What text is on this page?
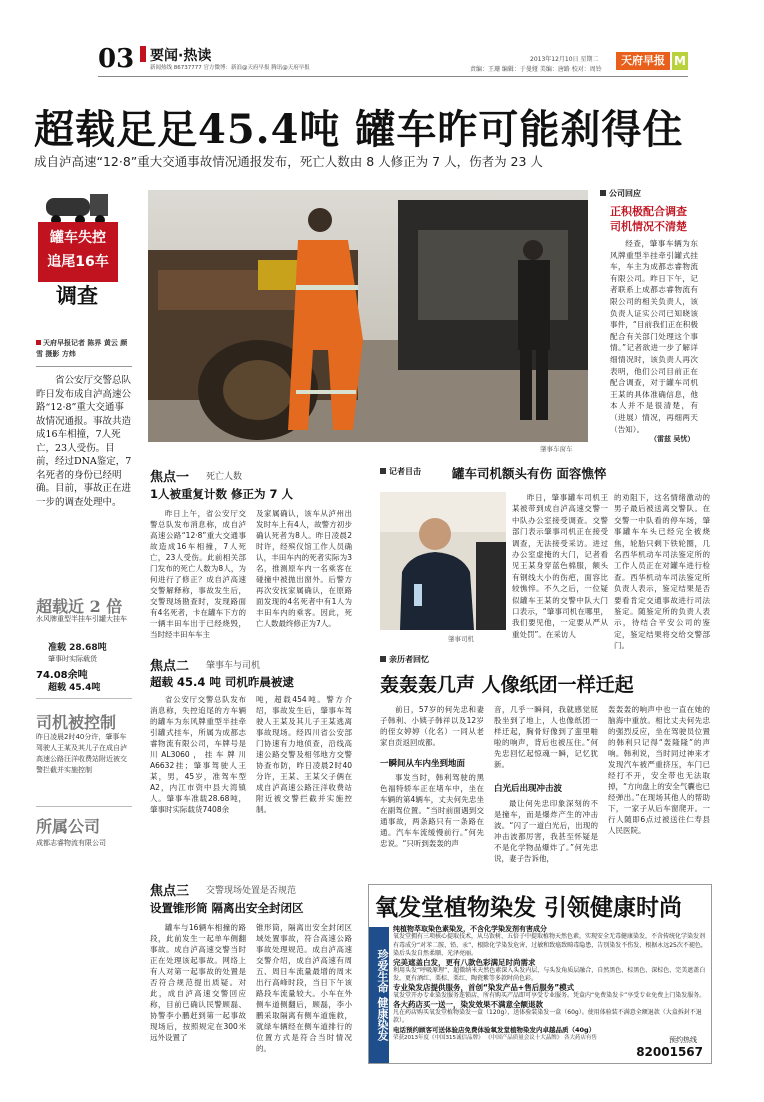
03 要闻·热读
新闻热线 86737777 官方微博：新浪@天府早报 腾讯@天府早报
2013年12月10日 星期二
责编：王珊 编辑：于曼娅 美编：唐路 校对：周铃
天府早报 M
超载足足45.4吨 罐车昨可能刹得住
成自泸高速“12·8”重大交通事故情况通报发布，死亡人数由 8 人修正为 7 人，伤者为 23 人
罐车失控
追尾16车
调查
天府早报记者 陈界 黄云 颜雪 摄影 方炜

省公安厅交警总队昨日发布成自泸高速公路“12·8”重大交通事故情况通报。事故共造成16车相撞，7人死亡，23人受伤。目前，经过DNA鉴定，7名死者的身份已经明确。目前，事故正在进一步的调查处理中。

超载近 2 倍
水风牌重型半挂车引罐大挂车
准载 28.68吨
肇事时实际载货
74.08余吨
超载 45.4吨
司机被控制
昨日凌晨2时40分许，肇事车驾驶人王某及其儿子在成自泸高速公路汪洋收费站附近被交警拦截并实施控制
所属公司
成都志睿物流有限公司
肇事车窗车
公司回应
正积极配合调查 司机情况不清楚

经查，肇事车辆为东风牌重型半挂牵引罐式挂车，车主为成都志睿物流有限公司。昨日下午，记者联系上成都志睿物流有限公司的相关负责人，该负责人证实公司已知晓该事件，“目前我们正在积极配合有关部门处理这个事情。”记者欲进一步了解详细情况时，该负责人再次表明，他们公司目前正在配合调查，对于罐车司机王某的具体准确信息，他本人并不是很清楚，有（进展）情况，再细两天（告知）。

（雷兹 吴忧）
焦点一 死亡人数
1人被重复计数 修正为 7 人

昨日上午，省公安厅交警总队发布消息称，成自泸高速公路“12·8”重大交通事故造成16车相撞，7人死亡，23人受伤。此前相关部门发布的死亡人数为8人，为何进行了修正？成自泸高速交警解释称，事故发生后，交警现场勘查时，发现路面有4名死者，卡在罐车下方的一辆丰田车出于已经烧毁，当时经丰田车车主

及家属确认，该车从泸州出发时车上有4人，故警方初步确认死者为8人。昨日凌晨2时许，经殡仪馆工作人员确认，丰田车内的死者实际为3名，推测原车内一名乘客在碰撞中被抛出窗外。后警方再次安抚家属确认，在原路面发现的4名死者中有1人为丰田车内的乘客。因此，死亡人数最终修正为7人。

记者目击 罐车司机额头有伤 面容憔悴
肇事司机

昨日，肇事罐车司机王某被带到成自泸高速交警一中队办公室接受调查。交警部门表示肇事司机正在接受调查，无法接受采访。进过办公室虚掩的大门，记者看见王某身穿蓝色棉服，额头有钢线大小的伤疤，面容比较憔悴。不久之后，一位疑似罐车王某的交警中队大门口表示，“肇事司机在哪里，我们要见他，一定要从严从重处罚”。在采访人

的劝阻下，这名情绪激动的男子最后被送离交警队。在交警一中队看的停车场，肇事罐车车头已经完全被烧焦，轮胎只剩下铁轮圈，几名西华机动车司法鉴定所的工作人员正在对罐车进行检查。西华机动车司法鉴定所负责人表示，鉴定结果是否要看肯定交通事故进行司法鉴定。随鉴定所的负责人表示，待结合平安公司的鉴定，鉴定结果将交给交警部门。

焦点二 肇事车与司机
超载 45.4 吨 司机昨晨被逮

省公安厅交警总队发布消息称，失控追尾的方车辆的罐车为东风牌重型半挂牵引罐式挂车，所属为成都志睿物流有限公司，车牌号是川AL3060，挂车牌川A6632挂；肇事驾驶人王某，男，45岁，准驾车型A2，内江市资中县大湾镇人。肇事车准载28.68吨，肇事时实际载货7408余

吨，超载454吨。警方介绍，事故发生后，肇事车驾驶人王某及其儿子王某逃离事故现场。经四川省公安部门协速有力地侦查，沿线高速公路交警及相邻地方交警协查布防，昨日凌晨2时40分许，王某、王某父子俩在成自泸高速公路汪洋收费站附近被交警拦截并实施控制。

亲历者回忆
轰轰轰几声 人像纸团一样迁起

前日，57岁的何先忠和妻子韩利、小姨子韩祥以及12岁的侄女婷婷（化名）一同从老家自贡返回成都。

一瞬间从车内坐到地面

事发当时，韩利驾驶的黑色福特轿车正在堵车中，坐在车辆的第4辆车，丈夫何先忠坐在副驾位置。“当时前面遇到交通事故，两条路只有一条路在通。汽车车流缓慢前行。”何先忠说。“只听到轰轰的声

音，几乎一瞬间，我就感觉屁股坐到了地上，人也像纸团一样迁起，胸骨好像到了蛮里啪啦的响声，背后也被压住。”何先忠回忆起惊魂一瞬，记忆犹新。

白光后出现冲击波

最让何先忠印象深刻的不是撞车，而是爆炸产生的冲击波。“闪了一道白光后，出现的冲击波都厉害，我甚至怀疑是不是化学物品爆炸了。”何先忠说，妻子告诉他，

轰轰轰的响声中也一直在她的脑海中重放。相比丈夫何先忠的强烈反应，坐在驾驶员位置的韩利只记得“轰隆隆”的声响。韩利说，当时同过神来才发现汽车被严重挤压，车门已经打不开，安全带也无法取掉，“方向盘上的安全气囊也已经弹出。”在现场其他人的帮助下，一家子从后车窗爬开。一行人随即6点过被送往仁寿县人民医院。

焦点三 交警现场处置是否规范
设置锥形筒 隔离出安全封闭区

罐车与16辆车相撞的路段，此前发生一起单车侧翻事故。成自泸高速交警当时正在处理该起事故。网络上有人对第一起事故的处置是否符合规范提出质疑。对此，成自泸高速交警回应称，目前已确认民警顾磊、协警李小鹏赶到第一起事故现场后，按照规定在300米远外设置了

锥形筒，隔离出安全封闭区域处置事故，符合高速公路事故处理规范。成自泸高速交警介绍，成自泸高速有周五、周日车流量最增的周末出行高峰时段，当日下午该路段车流量较大。小车在外侧车道侧翻后，顾磊，李小鹏采取隔离有侧车道施救，就绿车辆经在侧车道排行的位置方式是符合当时情况的。

氧发堂植物染发 引领健康时尚
珍爱生命 健康染发
纯植物萃取染色素染发，不含化学染发剂有害成分
氧发堂拥有三项核心提取技术，从乌饭树、五倍子中提取植物天然色素，实现安全无毒健康染发，不含传统化学染发剂有毒成分“对苯二胺、铅、汞”，根除化学染发危害，过敏和致癌致畸毒隐患，告别染发不伤发、根据永远25次不褪色，染后头发自然柔顺、光泽亮丽。
完美遮盖白发，更有八款色彩满足时尚需求
利用头发“呼吸原理”，超微纳米天然色素深入头发内层，与头发角质层融合，自然黑色、棕黑色、深棕色、完美遮盖白发，更有酒红、栗棕、栗红、陶瓷紫等多款时尚色彩。
专业染发店提供服务，首创“染发产品+售后服务”模式
氧发堂开办专业染发服务连锁店，所有购买产品即可享受专业服务。凭盒内“免费染发卡”享受专业免费上门染发服务。
各大药店买一送一，染发效果不满意全额退款
凡在药店购买氧发堂植物染发一盒（120g），送体验装染发一盒（60g）。使用体验装不满意全额退款（大盒拆封不退款）。
电话预约顾客可送体验店免费体验氧发堂植物染发内卓越品质（40g）
荣获2013年度《中国315诚信品牌》 《中国产品质量会议十大品牌》 各大药店有售	预约热线
82001567
